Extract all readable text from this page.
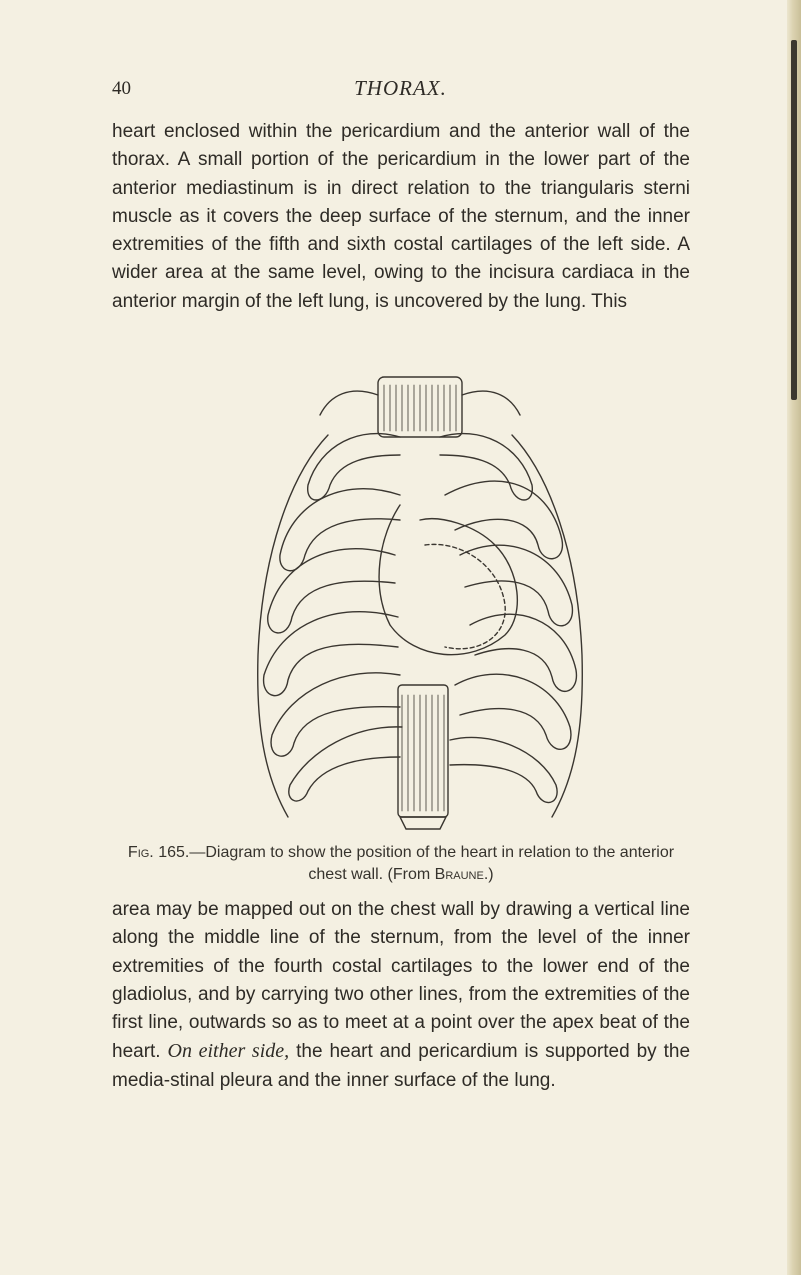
40	THORAX.

heart enclosed within the pericardium and the anterior wall of the thorax. A small portion of the pericardium in the lower part of the anterior mediastinum is in direct relation to the triangularis sterni muscle as it covers the deep surface of the sternum, and the inner extremities of the fifth and sixth costal cartilages of the left side. A wider area at the same level, owing to the incisura cardiaca in the anterior margin of the left lung, is uncovered by the lung. This

Fig. 165.—Diagram to show the position of the heart in relation to the anterior chest wall. (From Braune.)

area may be mapped out on the chest wall by drawing a vertical line along the middle line of the sternum, from the level of the inner extremities of the fourth costal cartilages to the lower end of the gladiolus, and by carrying two other lines, from the extremities of the first line, outwards so as to meet at a point over the apex beat of the heart. On either side, the heart and pericardium is supported by the media-stinal pleura and the inner surface of the lung.
